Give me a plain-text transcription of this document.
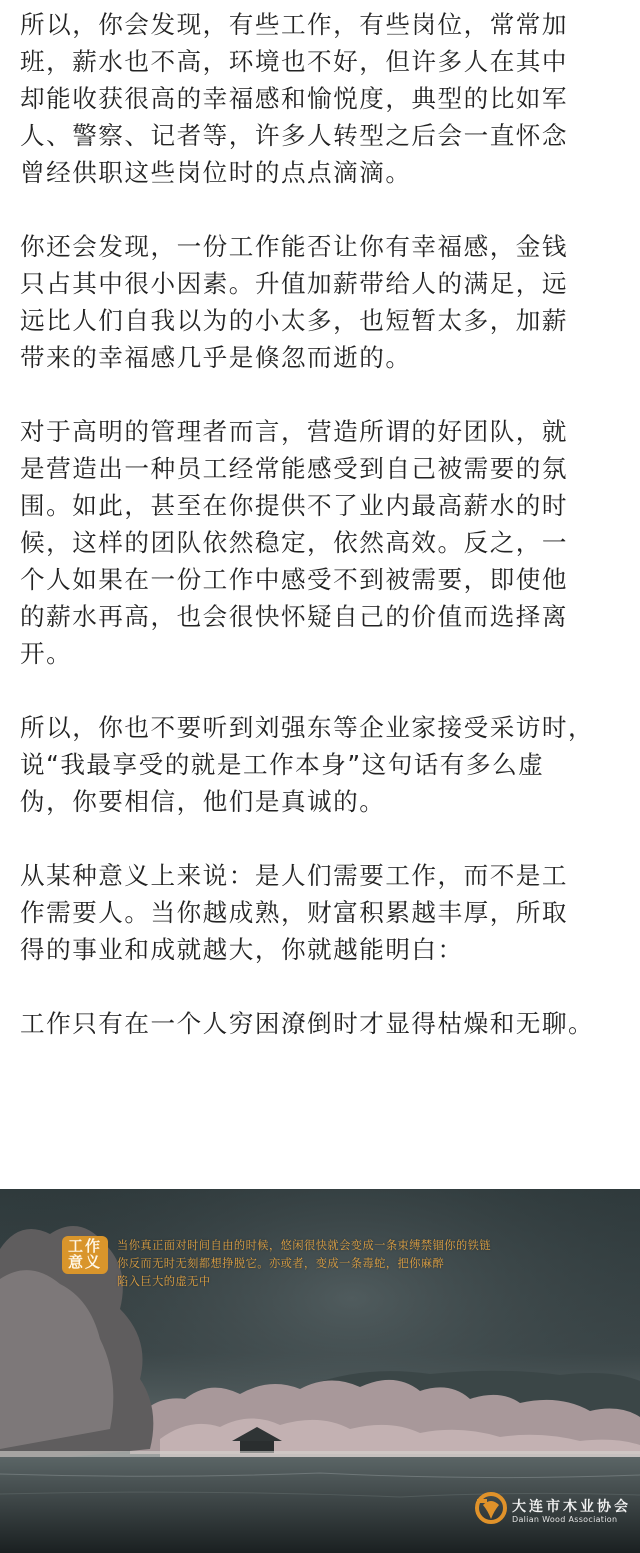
所以，你会发现，有些工作，有些岗位，常常加
班，薪水也不高，环境也不好，但许多人在其中
却能收获很高的幸福感和愉悦度，典型的比如军
人、警察、记者等，许多人转型之后会一直怀念
曾经供职这些岗位时的点点滴滴。

你还会发现，一份工作能否让你有幸福感，金钱
只占其中很小因素。升值加薪带给人的满足，远
远比人们自我以为的小太多，也短暂太多，加薪
带来的幸福感几乎是倏忽而逝的。

对于高明的管理者而言，营造所谓的好团队，就
是营造出一种员工经常能感受到自己被需要的氛
围。如此，甚至在你提供不了业内最高薪水的时
候，这样的团队依然稳定，依然高效。反之，一
个人如果在一份工作中感受不到被需要，即使他
的薪水再高，也会很快怀疑自己的价值而选择离
开。

所以，你也不要听到刘强东等企业家接受采访时，
说“我最享受的就是工作本身”这句话有多么虚
伪，你要相信，他们是真诚的。

从某种意义上来说：是人们需要工作，而不是工
作需要人。当你越成熟，财富积累越丰厚，所取
得的事业和成就越大，你就越能明白：

工作只有在一个人穷困潦倒时才显得枯燥和无聊。

工作
意义
当你真正面对时间自由的时候，悠闲很快就会变成一条束缚禁锢你的铁链
你反而无时无刻都想挣脱它。亦或者，变成一条毒蛇，把你麻醉
陷入巨大的虚无中
大连市木业协会
Dalian Wood Association
